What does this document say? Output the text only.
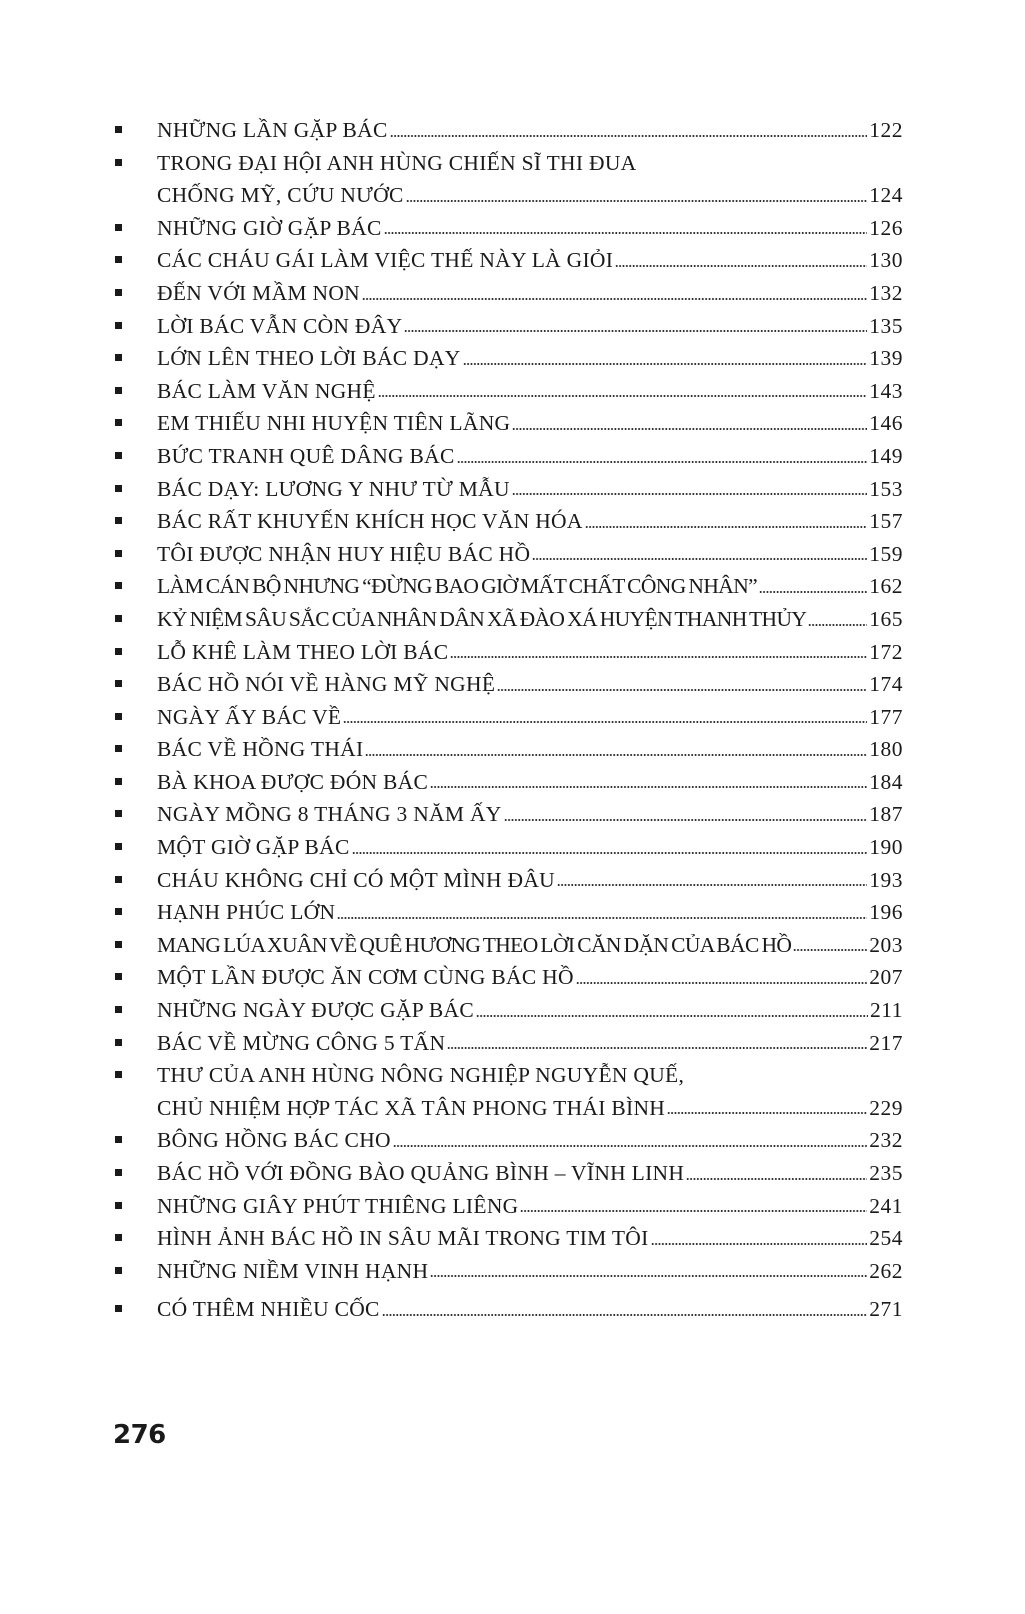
NHỮNG LẦN GẶP BÁC	122
TRONG ĐẠI HỘI ANH HÙNG CHIẾN SĨ THI ĐUA
CHỐNG MỸ, CỨU NƯỚC	124
NHỮNG GIỜ GẶP BÁC	126
CÁC CHÁU GÁI LÀM VIỆC THẾ NÀY LÀ GIỎI	130
ĐẾN VỚI MẦM NON	132
LỜI BÁC VẪN CÒN ĐÂY	135
LỚN LÊN THEO LỜI BÁC DẠY	139
BÁC LÀM VĂN NGHỆ	143
EM THIẾU NHI HUYỆN TIÊN LÃNG	146
BỨC TRANH QUÊ DÂNG BÁC	149
BÁC DẠY: LƯƠNG Y NHƯ TỪ MẪU	153
BÁC RẤT KHUYẾN KHÍCH HỌC VĂN HÓA	157
TÔI ĐƯỢC NHẬN HUY HIỆU BÁC HỒ	159
LÀM CÁN BỘ NHƯNG “ĐỪNG BAO GIỜ MẤT CHẤT CÔNG NHÂN”	162
KỶ NIỆM SÂU SẮC CỦA NHÂN DÂN XÃ ĐÀO XÁ HUYỆN THANH THỦY	165
LỖ KHÊ LÀM THEO LỜI BÁC	172
BÁC HỒ NÓI VỀ HÀNG MỸ NGHỆ	174
NGÀY ẤY BÁC VỀ	177
BÁC VỀ HỒNG THÁI	180
BÀ KHOA ĐƯỢC ĐÓN BÁC	184
NGÀY MỒNG 8 THÁNG 3 NĂM ẤY	187
MỘT GIỜ GẶP BÁC	190
CHÁU KHÔNG CHỈ CÓ MỘT MÌNH ĐÂU	193
HẠNH PHÚC LỚN	196
MANG LÚA XUÂN VỀ QUÊ HƯƠNG THEO LỜI CĂN DẶN CỦA BÁC HỒ	203
MỘT LẦN ĐƯỢC ĂN CƠM CÙNG BÁC HỒ	207
NHỮNG NGÀY ĐƯỢC GẶP BÁC	211
BÁC VỀ MỪNG CÔNG 5 TẤN	217
THƯ CỦA ANH HÙNG NÔNG NGHIỆP NGUYỄN QUẾ,
CHỦ NHIỆM HỢP TÁC XÃ TÂN PHONG THÁI BÌNH	229
BÔNG HỒNG BÁC CHO	232
BÁC HỒ VỚI ĐỒNG BÀO QUẢNG BÌNH – VĨNH LINH	235
NHỮNG GIÂY PHÚT THIÊNG LIÊNG	241
HÌNH ẢNH BÁC HỒ IN SÂU MÃI TRONG TIM TÔI	254
NHỮNG NIỀM VINH HẠNH	262
CÓ THÊM NHIỀU CỐC	271
276
